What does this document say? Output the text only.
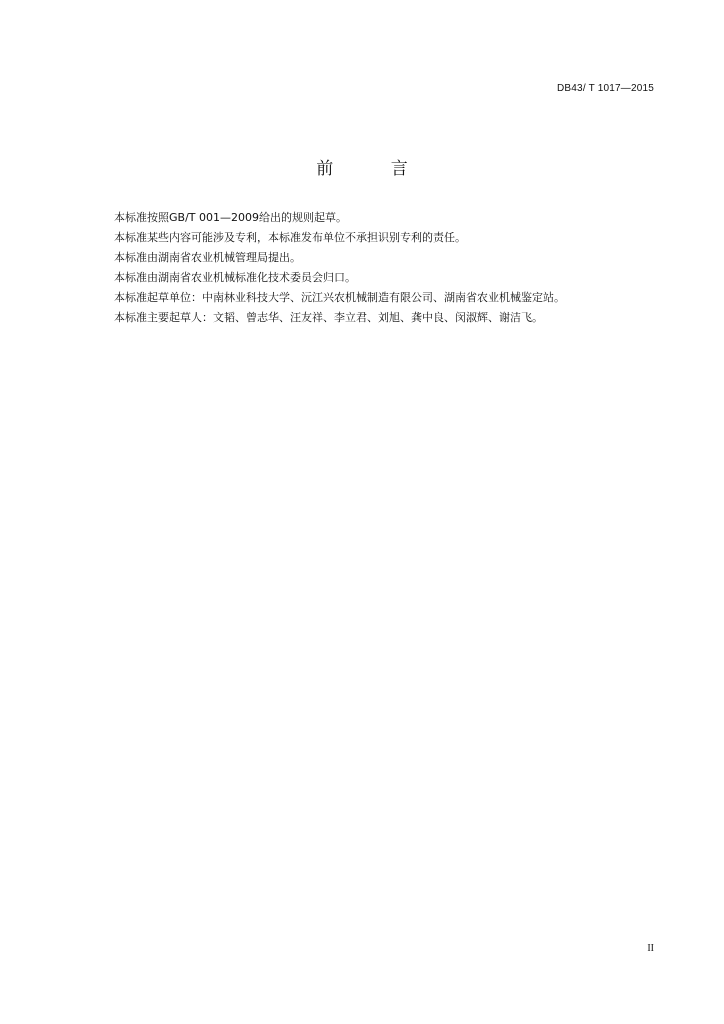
DB43/ T 1017—2015
前 言
本标准按照GB/T 001—2009给出的规则起草。
本标准某些内容可能涉及专利，本标准发布单位不承担识别专利的责任。
本标准由湖南省农业机械管理局提出。
本标准由湖南省农业机械标准化技术委员会归口。
本标准起草单位：中南林业科技大学、沅江兴农机械制造有限公司、湖南省农业机械鉴定站。
本标准主要起草人：文韬、曾志华、汪友祥、李立君、刘旭、龚中良、闵淑辉、谢洁飞。
II
